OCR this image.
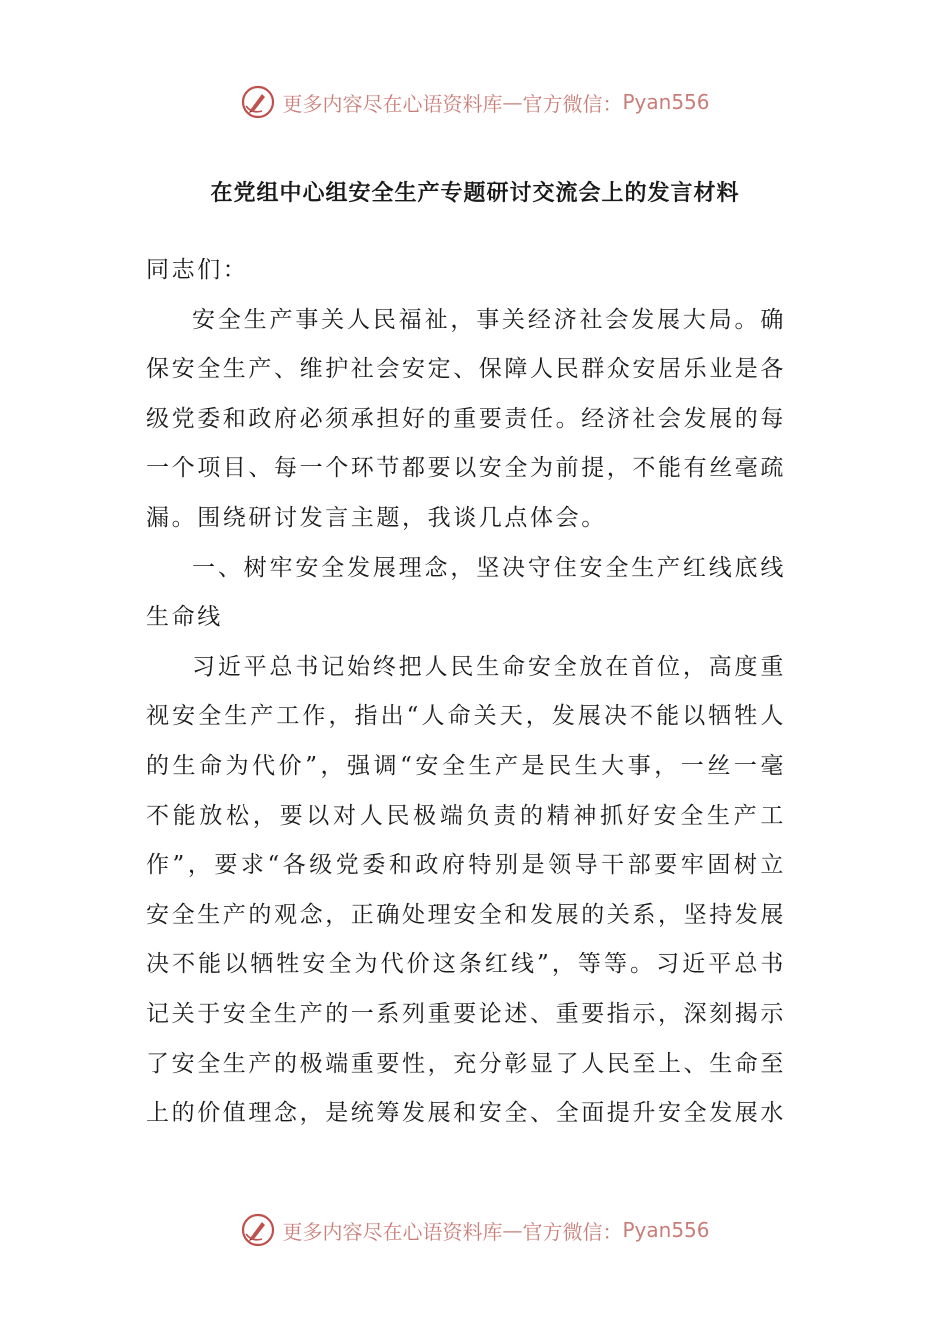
更多内容尽在心语资料库 — 官方微信： Pyan556
在党组中心组安全生产专题研讨交流会上的发言材料

同志们：

安全生产事关人民福祉，事关经济社会发展大局。确保安全生产、维护社会安定、保障人民群众安居乐业是各级党委和政府必须承担好的重要责任。经济社会发展的每一个项目、每一个环节都要以安全为前提，不能有丝毫疏漏。围绕研讨发言主题，我谈几点体会。

一、树牢安全发展理念，坚决守住安全生产红线底线生命线

习近平总书记始终把人民生命安全放在首位，高度重视安全生产工作，指出“人命关天，发展决不能以牺牲人的生命为代价”，强调“安全生产是民生大事，一丝一毫不能放松，要以对人民极端负责的精神抓好安全生产工作”，要求“各级党委和政府特别是领导干部要牢固树立安全生产的观念，正确处理安全和发展的关系，坚持发展决不能以牺牲安全为代价这条红线”，等等。习近平总书记关于安全生产的一系列重要论述、重要指示，深刻揭示了安全生产的极端重要性，充分彰显了人民至上、生命至上的价值理念，是统筹发展和安全、全面提升安全发展水

更多内容尽在心语资料库 — 官方微信： Pyan556
